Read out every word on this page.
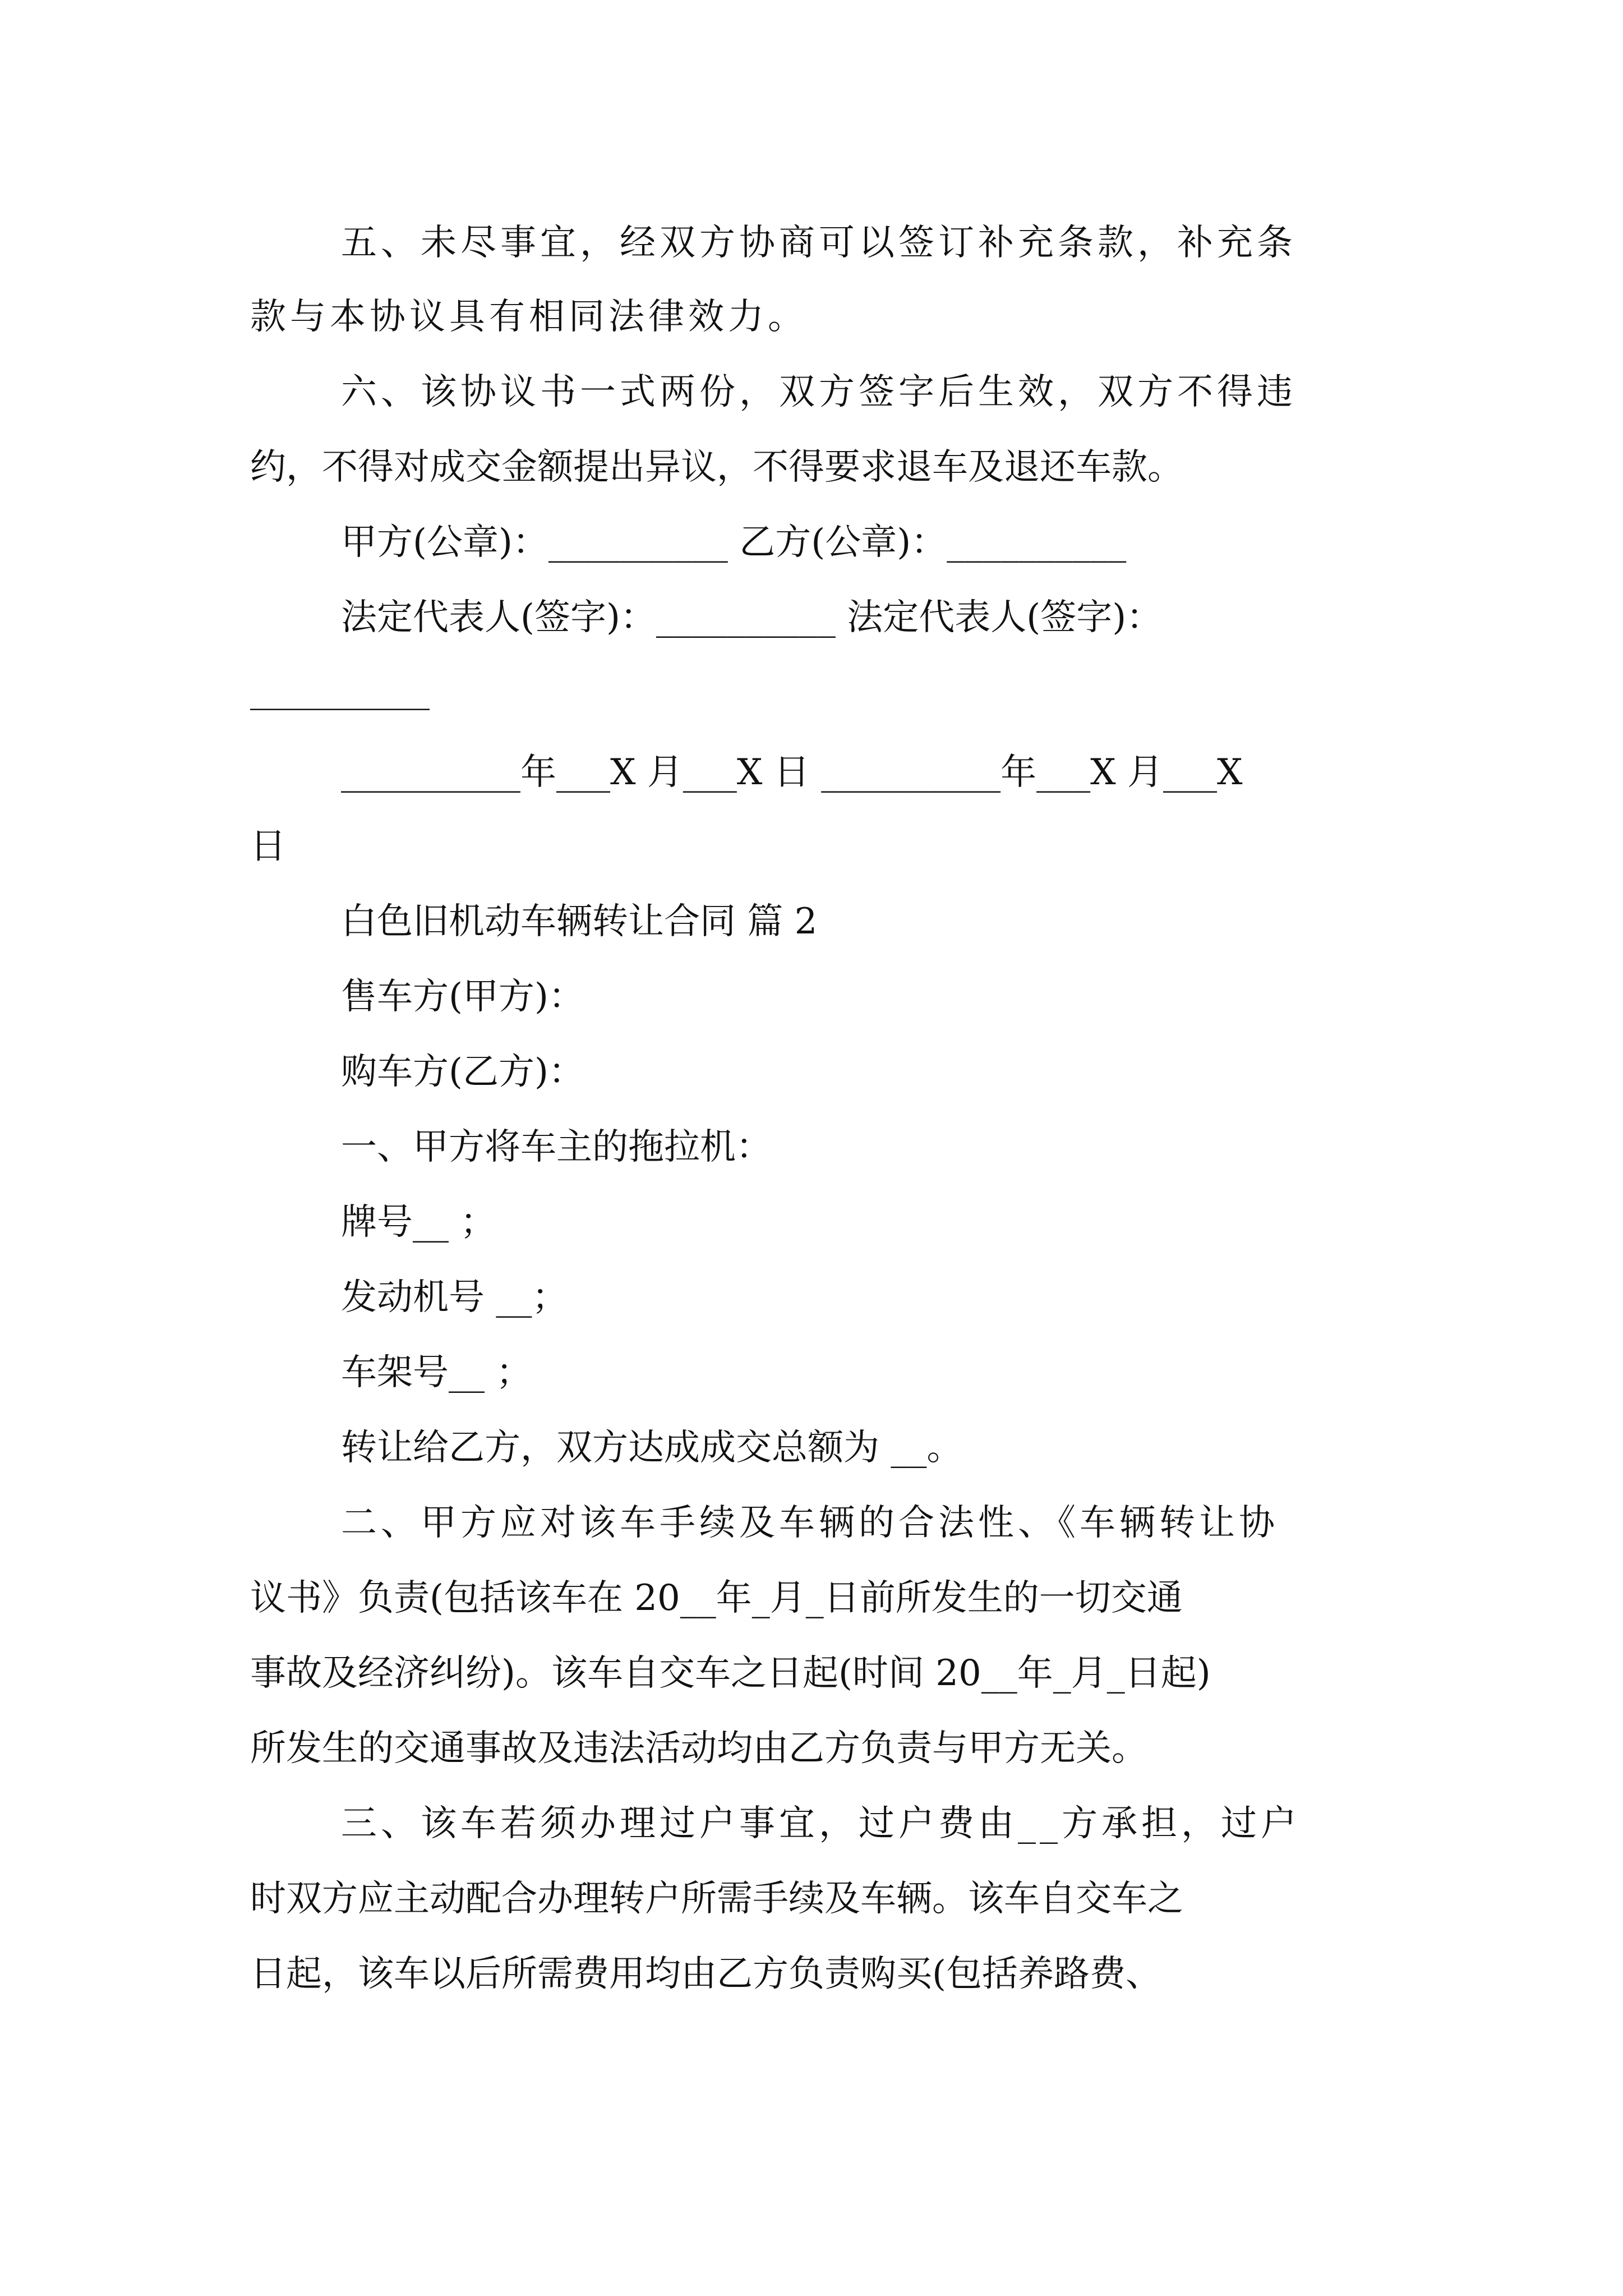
五、未尽事宜，经双方协商可以签订补充条款，补充条
款与本协议具有相同法律效力。
六、该协议书一式两份，双方签字后生效，双方不得违
约，不得对成交金额提出异议，不得要求退车及退还车款。
甲方(公章)：__________ 乙方(公章)：__________
法定代表人(签字)：__________ 法定代表人(签字)：
__________
__________年___X 月___X 日 __________年___X 月___X
日
白色旧机动车辆转让合同 篇 2
售车方(甲方)：
购车方(乙方)：
一、甲方将车主的拖拉机：
牌号__ ；
发动机号 __；
车架号__ ；
转让给乙方，双方达成成交总额为 __。
二、甲方应对该车手续及车辆的合法性、《车辆转让协
议书》负责(包括该车在 20__年_月_日前所发生的一切交通
事故及经济纠纷)。该车自交车之日起(时间 20__年_月_日起)
所发生的交通事故及违法活动均由乙方负责与甲方无关。
三、该车若须办理过户事宜，过户费由__方承担，过户
时双方应主动配合办理转户所需手续及车辆。该车自交车之
日起，该车以后所需费用均由乙方负责购买(包括养路费、
